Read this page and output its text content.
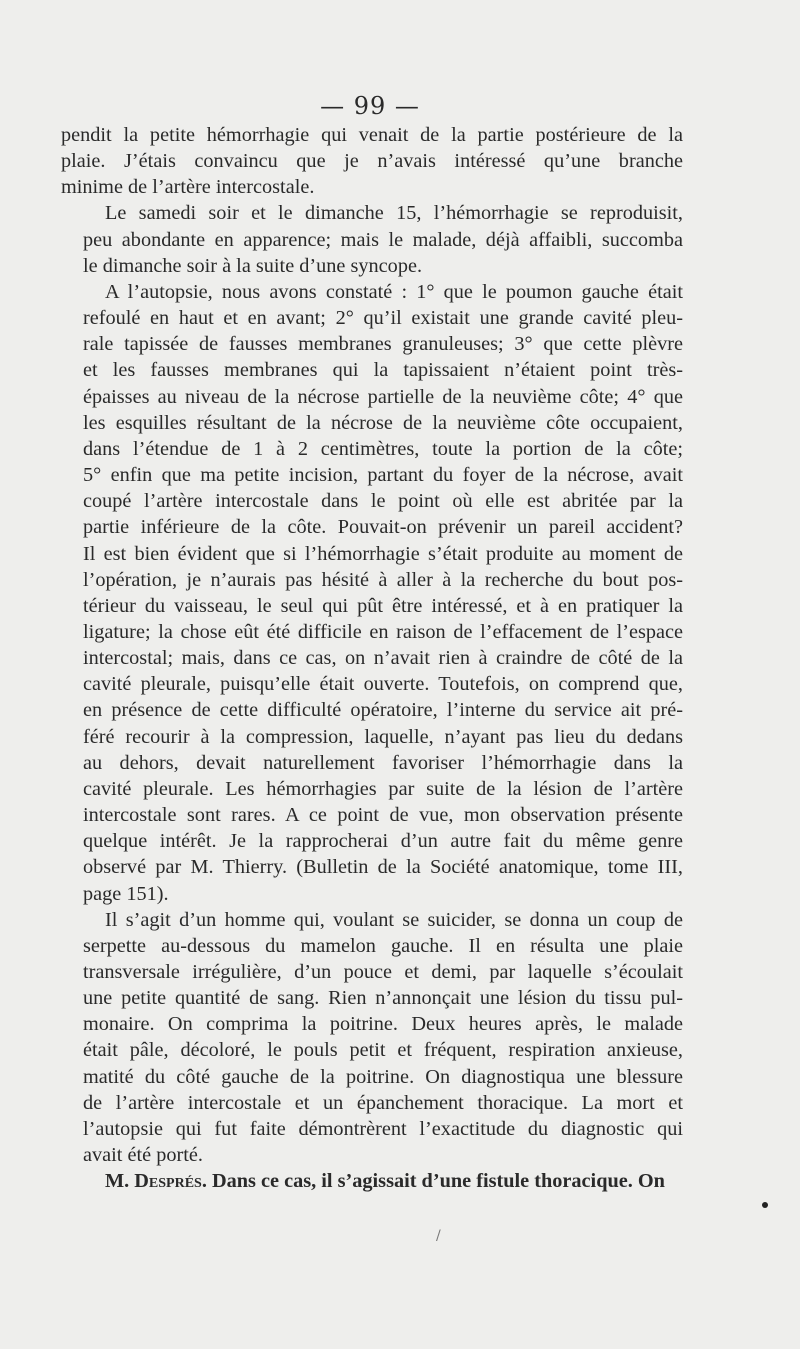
— 99 —
pendit la petite hémorrhagie qui venait de la partie postérieure de la
plaie. J’étais convaincu que je n’avais intéressé qu’une branche
minime de l’artère intercostale.
Le samedi soir et le dimanche 15, l’hémorrhagie se reproduisit,
peu abondante en apparence; mais le malade, déjà affaibli, succomba
le dimanche soir à la suite d’une syncope.
A l’autopsie, nous avons constaté : 1° que le poumon gauche était
refoulé en haut et en avant; 2° qu’il existait une grande cavité pleu-
rale tapissée de fausses membranes granuleuses; 3° que cette plèvre
et les fausses membranes qui la tapissaient n’étaient point très-
épaisses au niveau de la nécrose partielle de la neuvième côte; 4° que
les esquilles résultant de la nécrose de la neuvième côte occupaient,
dans l’étendue de 1 à 2 centimètres, toute la portion de la côte;
5° enfin que ma petite incision, partant du foyer de la nécrose, avait
coupé l’artère intercostale dans le point où elle est abritée par la
partie inférieure de la côte. Pouvait-on prévenir un pareil accident?
Il est bien évident que si l’hémorrhagie s’était produite au moment de
l’opération, je n’aurais pas hésité à aller à la recherche du bout pos-
térieur du vaisseau, le seul qui pût être intéressé, et à en pratiquer la
ligature; la chose eût été difficile en raison de l’effacement de l’espace
intercostal; mais, dans ce cas, on n’avait rien à craindre de côté de la
cavité pleurale, puisqu’elle était ouverte. Toutefois, on comprend que,
en présence de cette difficulté opératoire, l’interne du service ait pré-
féré recourir à la compression, laquelle, n’ayant pas lieu du dedans
au dehors, devait naturellement favoriser l’hémorrhagie dans la
cavité pleurale. Les hémorrhagies par suite de la lésion de l’artère
intercostale sont rares. A ce point de vue, mon observation présente
quelque intérêt. Je la rapprocherai d’un autre fait du même genre
observé par M. Thierry. (Bulletin de la Société anatomique, tome III,
page 151).
Il s’agit d’un homme qui, voulant se suicider, se donna un coup de
serpette au-dessous du mamelon gauche. Il en résulta une plaie
transversale irrégulière, d’un pouce et demi, par laquelle s’écoulait
une petite quantité de sang. Rien n’annonçait une lésion du tissu pul-
monaire. On comprima la poitrine. Deux heures après, le malade
était pâle, décoloré, le pouls petit et fréquent, respiration anxieuse,
matité du côté gauche de la poitrine. On diagnostiqua une blessure
de l’artère intercostale et un épanchement thoracique. La mort et
l’autopsie qui fut faite démontrèrent l’exactitude du diagnostic qui
avait été porté.
M. Després. Dans ce cas, il s’agissait d’une fistule thoracique. On
/
